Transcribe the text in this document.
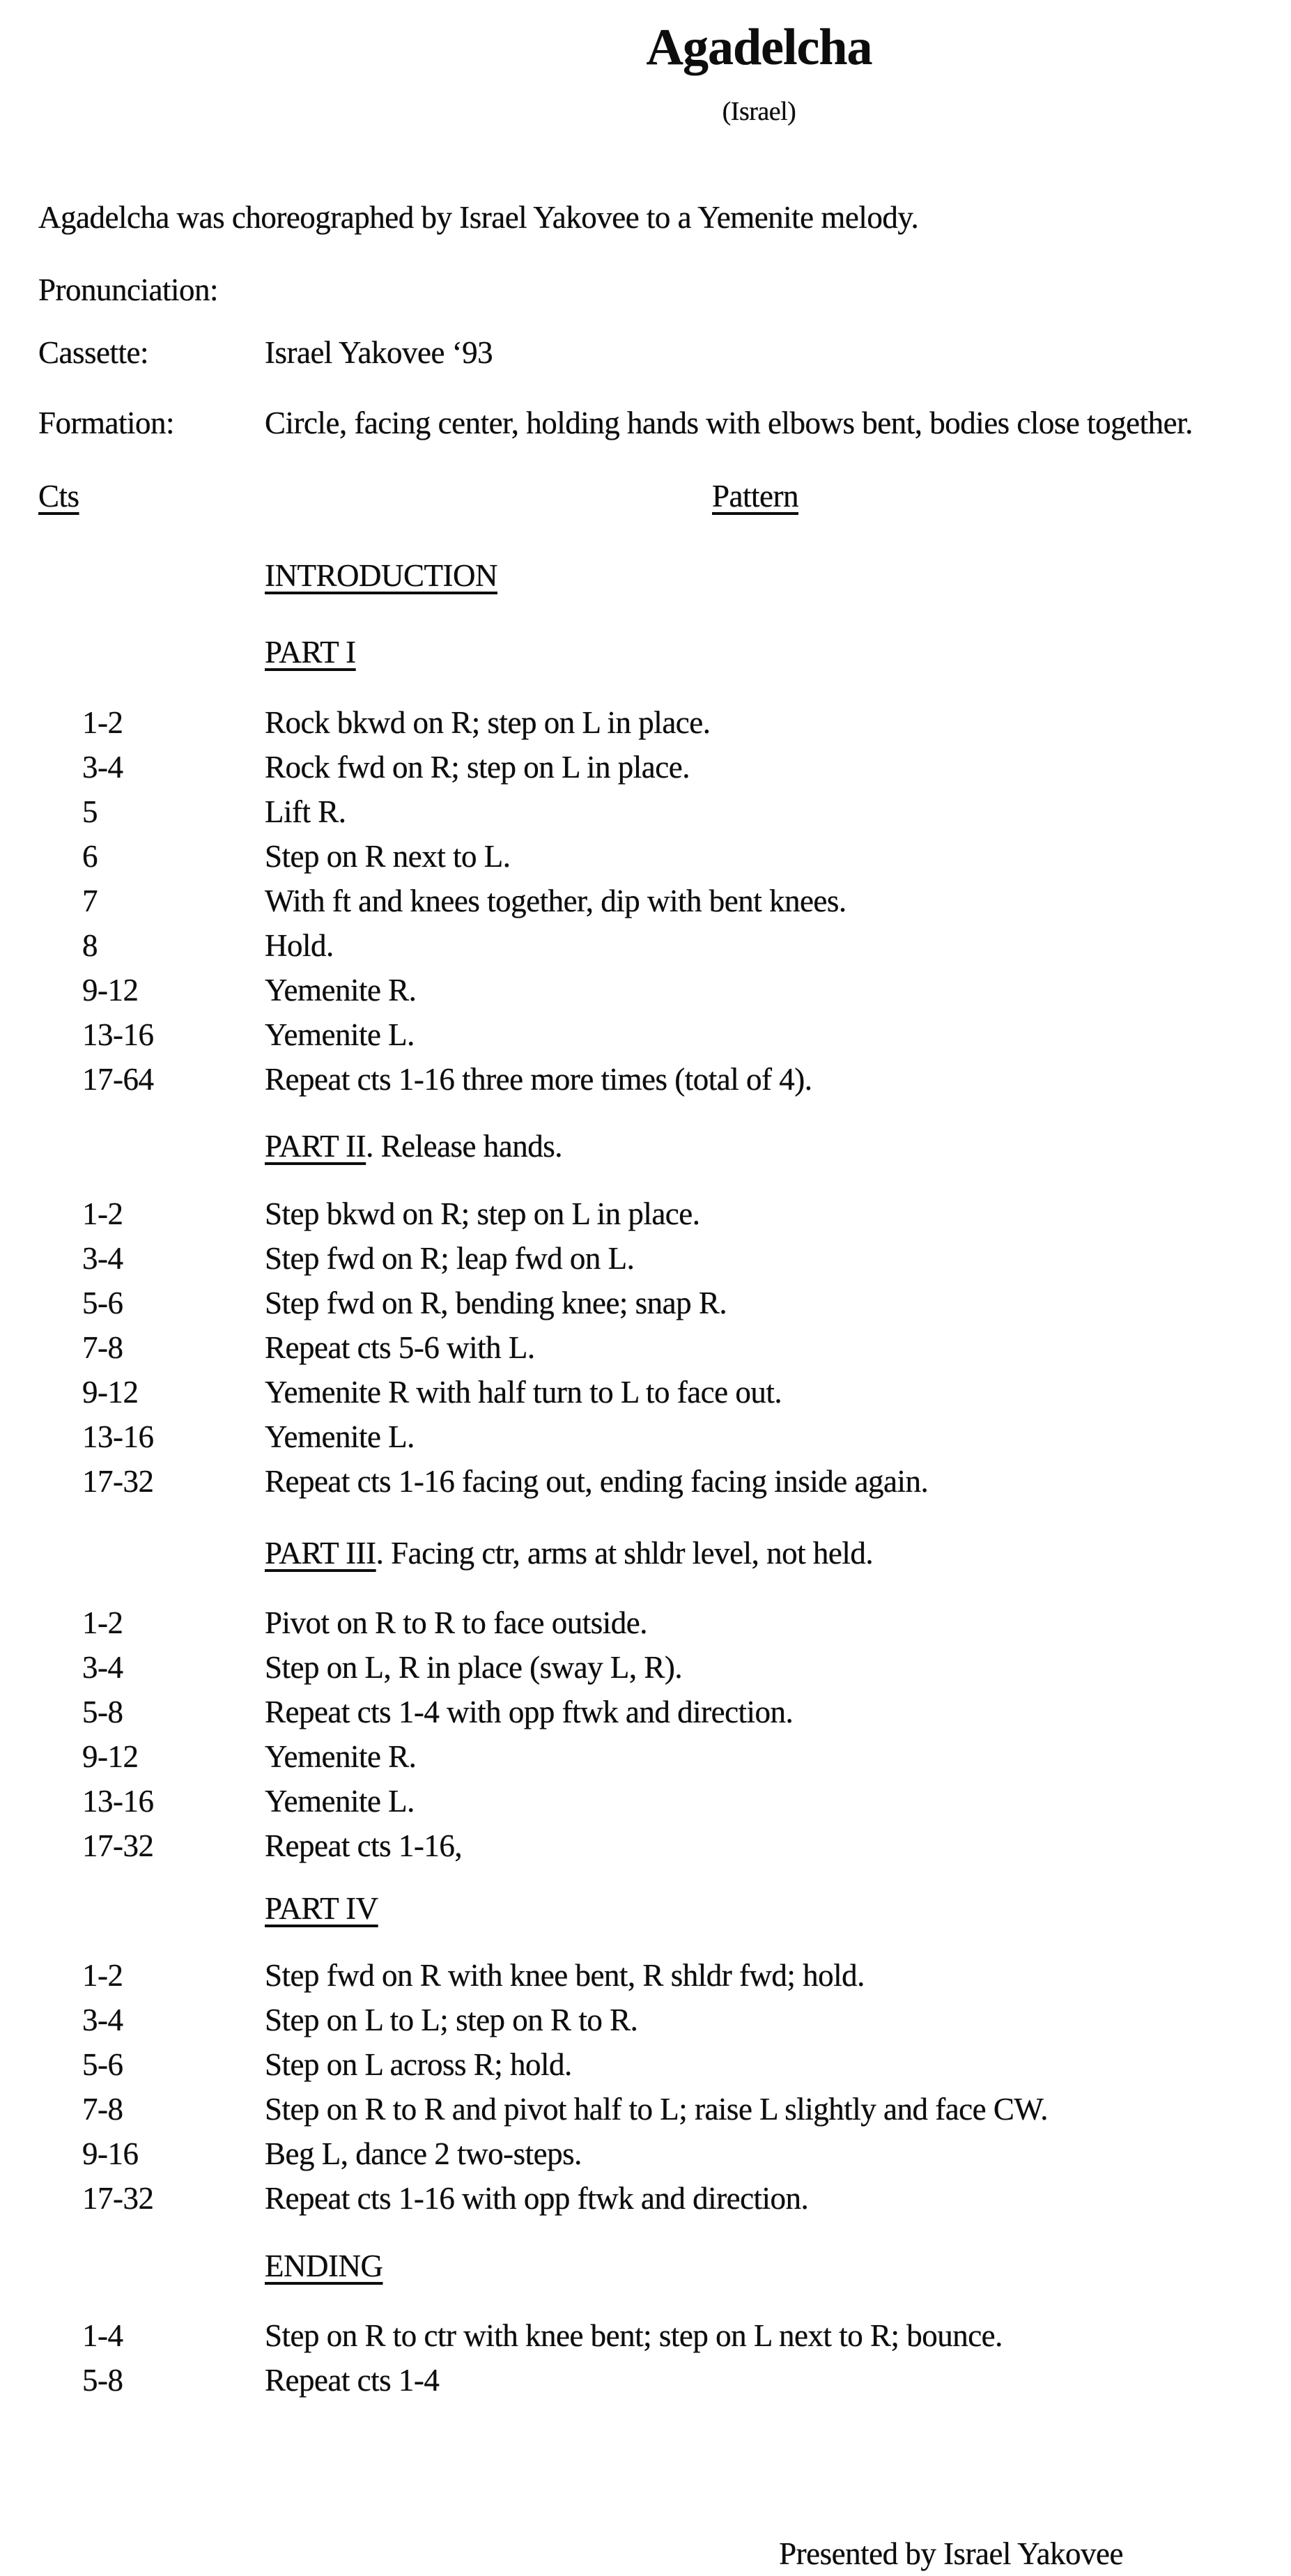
Agadelcha
(Israel)
Agadelcha was choreographed by Israel Yakovee to a Yemenite melody.
Pronunciation:
Cassette:	Israel Yakovee ‘93
Formation:	Circle, facing center, holding hands with elbows bent, bodies close together.
Cts	Pattern
INTRODUCTION
PART I
1-2	Rock bkwd on R; step on L in place.
3-4	Rock fwd on R; step on L in place.
5	Lift R.
6	Step on R next to L.
7	With ft and knees together, dip with bent knees.
8	Hold.
9-12	Yemenite R.
13-16	Yemenite L.
17-64	Repeat cts 1-16 three more times (total of 4).
PART II. Release hands.
1-2	Step bkwd on R; step on L in place.
3-4	Step fwd on R; leap fwd on L.
5-6	Step fwd on R, bending knee; snap R.
7-8	Repeat cts 5-6 with L.
9-12	Yemenite R with half turn to L to face out.
13-16	Yemenite L.
17-32	Repeat cts 1-16 facing out, ending facing inside again.
PART III. Facing ctr, arms at shldr level, not held.
1-2	Pivot on R to R to face outside.
3-4	Step on L, R in place (sway L, R).
5-8	Repeat cts 1-4 with opp ftwk and direction.
9-12	Yemenite R.
13-16	Yemenite L.
17-32	Repeat cts 1-16,
PART IV
1-2	Step fwd on R with knee bent, R shldr fwd; hold.
3-4	Step on L to L; step on R to R.
5-6	Step on L across R; hold.
7-8	Step on R to R and pivot half to L; raise L slightly and face CW.
9-16	Beg L, dance 2 two-steps.
17-32	Repeat cts 1-16 with opp ftwk and direction.
ENDING
1-4	Step on R to ctr with knee bent; step on L next to R; bounce.
5-8	Repeat cts 1-4
Presented by Israel Yakovee
